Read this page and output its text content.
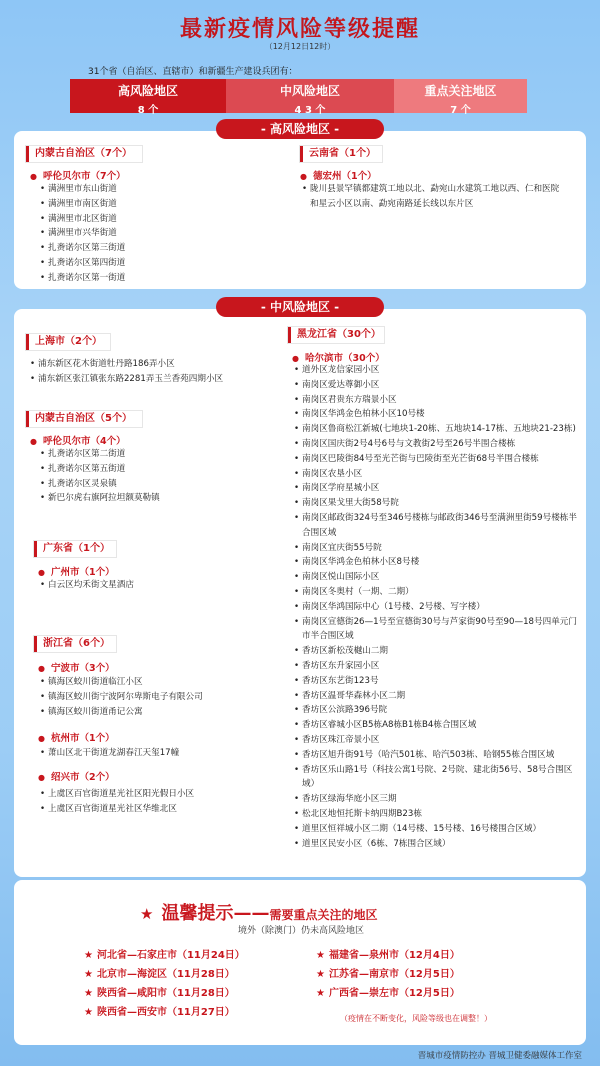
最新疫情风险等级提醒
（12月12日12时）
31个省（自治区、直辖市）和新疆生产建设兵团有：
高风险地区
8 个
中风险地区
4 3 个
重点关注地区
7 个
- 高风险地区 -
内蒙古自治区（7个）
● 呼伦贝尔市（7个）
• 满洲里市东山街道
• 满洲里市南区街道
• 满洲里市北区街道
• 满洲里市兴华街道
• 扎赉诺尔区第三街道
• 扎赉诺尔区第四街道
• 扎赉诺尔区第一街道
云南省（1个）
● 德宏州（1个）
• 陇川县景罕镇都建筑工地以北、勐宛山水建筑工地以西、仁和医院和星云小区以南、勐宛南路延长线以东片区
- 中风险地区 -
上海市（2个）
• 浦东新区花木街道牡丹路186弄小区
• 浦东新区张江镇张东路2281弄玉兰香苑四期小区
内蒙古自治区（5个）
● 呼伦贝尔市（4个）
• 扎赉诺尔区第二街道
• 扎赉诺尔区第五街道
• 扎赉诺尔区灵泉镇
• 新巴尔虎右旗阿拉坦额莫勒镇
广东省（1个）
● 广州市（1个）
• 白云区均禾街文星酒店
浙江省（6个）
● 宁波市（3个）
• 镇海区蛟川街道临江小区
• 镇海区蛟川街宁波阿尔卑斯电子有限公司
• 镇海区蛟川街道甬记公寓
● 杭州市（1个）
• 萧山区北干街道龙湖春江天玺17幢
● 绍兴市（2个）
• 上虞区百官街道星光社区阳光假日小区
• 上虞区百官街道星光社区华维北区
黑龙江省（30个）
● 哈尔滨市（30个）
• 道外区龙信家园小区
• 南岗区爱达尊御小区
• 南岗区君贵东方瑞景小区
• 南岗区华鸿金色柏林小区10号楼
• 南岗区鲁商松江新城(七地块1-20栋、五地块14-17栋、五地块21-23栋)
• 南岗区国庆街2号4号6号与文教街2号至26号半围合楼栋
• 南岗区巴陵街84号至光芒街与巴陵街至光芒街68号半围合楼栋
• 南岗区农垦小区
• 南岗区学府星城小区
• 南岗区果戈里大街58号院
• 南岗区邮政街324号至346号楼栋与邮政街346号至满洲里街59号楼栋半合围区域
• 南岗区宜庆街55号院
• 南岗区华鸿金色柏林小区8号楼
• 南岗区悦山国际小区
• 南岗区冬奥村（一期、二期）
• 南岗区华鸿国际中心（1号楼、2号楼、写字楼）
• 南岗区宣德街26—1号至宣德街30号与芦家街90号至90—18号四单元门市半合围区域
• 香坊区新松茂樾山二期
• 香坊区东升家园小区
• 香坊区东艺街123号
• 香坊区温哥华森林小区二期
• 香坊区公滨路396号院
• 香坊区睿城小区B5栋A8栋B1栋B4栋合围区域
• 香坊区珠江帝景小区
• 香坊区旭升街91号（哈汽501栋、哈汽503栋、哈钢55栋合围区域
• 香坊区乐山路1号（科技公寓1号院、2号院、建北街56号、58号合围区域）
• 香坊区绿海华庭小区三期
• 松北区地恒托斯卡纳四期B23栋
• 道里区恒祥城小区二期（14号楼、15号楼、16号楼围合区域）
• 道里区民安小区（6栋、7栋围合区域）
★ 温馨提示——需要重点关注的地区
境外（除澳门）仍未高风险地区
★ 河北省—石家庄市（11月24日）
★ 北京市—海淀区（11月28日）
★ 陕西省—咸阳市（11月28日）
★ 陕西省—西安市（11月27日）
★ 福建省—泉州市（12月4日）
★ 江苏省—南京市（12月5日）
★ 广西省—崇左市（12月5日）
（疫情在不断变化，风险等级也在调整！）
晋城市疫情防控办 晋城卫健委融媒体工作室
